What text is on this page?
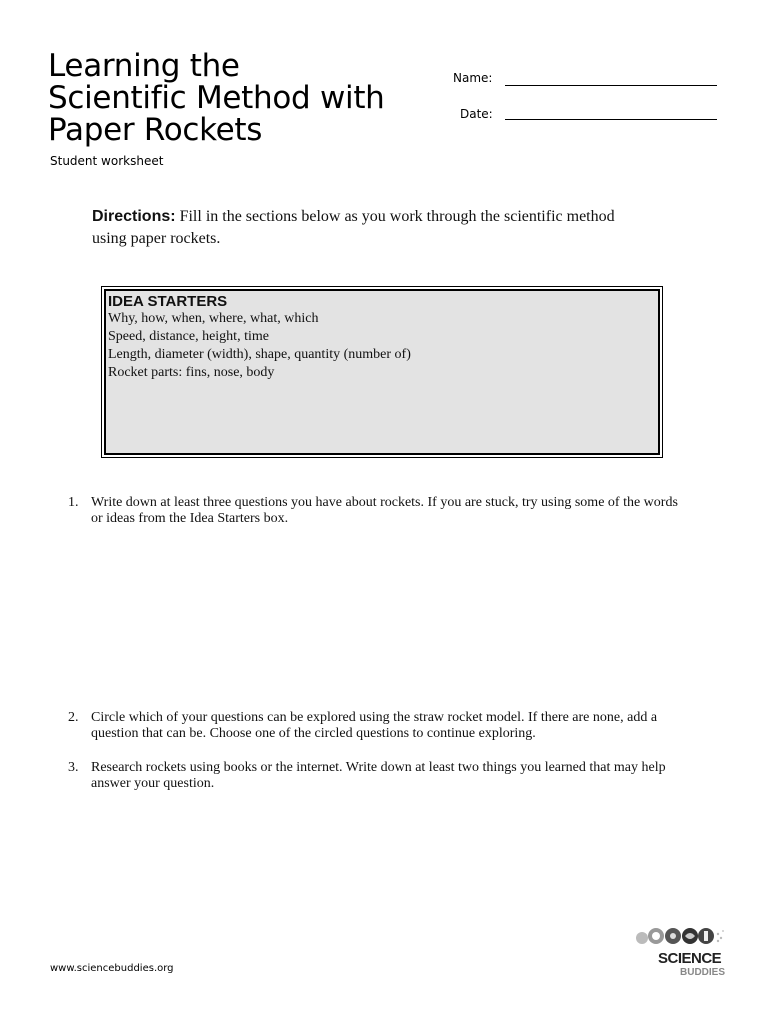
Learning the
Scientific Method with
Paper Rockets
Student worksheet
Name:
Date:
Directions: Fill in the sections below as you work through the scientific method using paper rockets.
IDEA STARTERS
Why, how, when, where, what, which
Speed, distance, height, time
Length, diameter (width), shape, quantity (number of)
Rocket parts: fins, nose, body
1. Write down at least three questions you have about rockets. If you are stuck, try using some of the words or ideas from the Idea Starters box.
2. Circle which of your questions can be explored using the straw rocket model. If there are none, add a question that can be. Choose one of the circled questions to continue exploring.
3. Research rockets using books or the internet. Write down at least two things you learned that may help answer your question.
www.sciencebuddies.org
SCIENCE
BUDDIES
